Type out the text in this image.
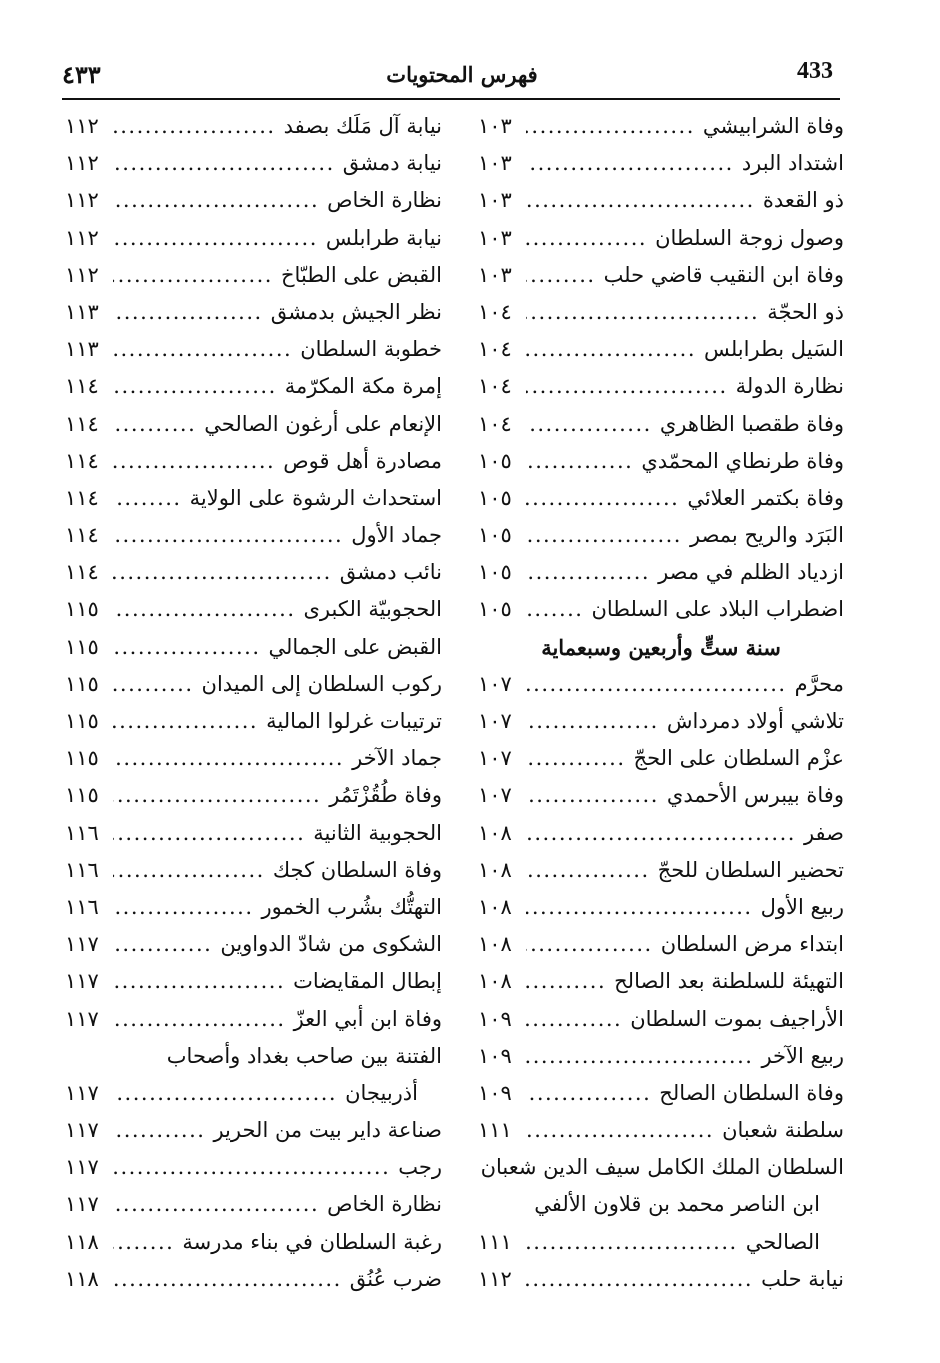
433
فهرس المحتويات
٤٣٣
وفاة الشرابيشي
.....
١٠٣
اشتداد البرد
.....
١٠٣
ذو القعدة
.....
١٠٣
وصول زوجة السلطان
.....
١٠٣
وفاة ابن النقيب قاضي حلب
.....
١٠٣
ذو الحجّة
.....
١٠٤
السَيل بطرابلس
.....
١٠٤
نظارة الدولة
.....
١٠٤
وفاة طقصبا الظاهري
.....
١٠٤
وفاة طرنطاي المحمّدي
.....
١٠٥
وفاة بكتمر العلائي
.....
١٠٥
البَرَد والريح بمصر
.....
١٠٥
ازدياد الظلم في مصر
.....
١٠٥
اضطراب البلاد على السلطان
.....
١٠٥
سنة ستٍّ وأربعين وسبعماية
محرَّم
.....
١٠٧
تلاشي أولاد دمرداش
.....
١٠٧
عزْم السلطان على الحجّ
.....
١٠٧
وفاة بيبرس الأحمدي
.....
١٠٧
صفر
.....
١٠٨
تحضير السلطان للحجّ
.....
١٠٨
ربيع الأول
.....
١٠٨
ابتداء مرض السلطان
.....
١٠٨
التهيئة للسلطنة بعد الصالح
.....
١٠٨
الأراجيف بموت السلطان
.....
١٠٩
ربيع الآخر
.....
١٠٩
وفاة السلطان الصالح
.....
١٠٩
سلطنة شعبان
.....
١١١
السلطان الملك الكامل سيف الدين شعبان
ابن الناصر محمد بن قلاون الألفي
الصالحي
.....
١١١
نيابة حلب
.....
١١٢
نيابة آل مَلَك بصفد
.....
١١٢
نيابة دمشق
.....
١١٢
نظارة الخاص
.....
١١٢
نيابة طرابلس
.....
١١٢
القبض على الطبّاخ
.....
١١٢
نظر الجيش بدمشق
.....
١١٣
خطوبة السلطان
.....
١١٣
إمرة مكة المكرّمة
.....
١١٤
الإنعام على أرغون الصالحي
.....
١١٤
مصادرة أهل قوص
.....
١١٤
استحداث الرشوة على الولاية
.....
١١٤
جماد الأول
.....
١١٤
نائب دمشق
.....
١١٤
الحجوبيّة الكبرى
.....
١١٥
القبض على الجمالي
.....
١١٥
ركوب السلطان إلى الميدان
.....
١١٥
ترتيبات غرلوا المالية
.....
١١٥
جماد الآخر
.....
١١٥
وفاة طُقُزْتَمُر
.....
١١٥
الحجوبية الثانية
.....
١١٦
وفاة السلطان كجك
.....
١١٦
التهتُّك بشُرب الخمور
.....
١١٦
الشكوى من شادّ الدواوين
.....
١١٧
إبطال المقايضات
.....
١١٧
وفاة ابن أبي العزّ
.....
١١٧
الفتنة بين صاحب بغداد وأصحاب
أذربيجان
.....
١١٧
صناعة داير بيت من الحرير
.....
١١٧
رجب
.....
١١٧
نظارة الخاص
.....
١١٧
رغبة السلطان في بناء مدرسة
.....
١١٨
ضرب عُنُق
.....
١١٨
